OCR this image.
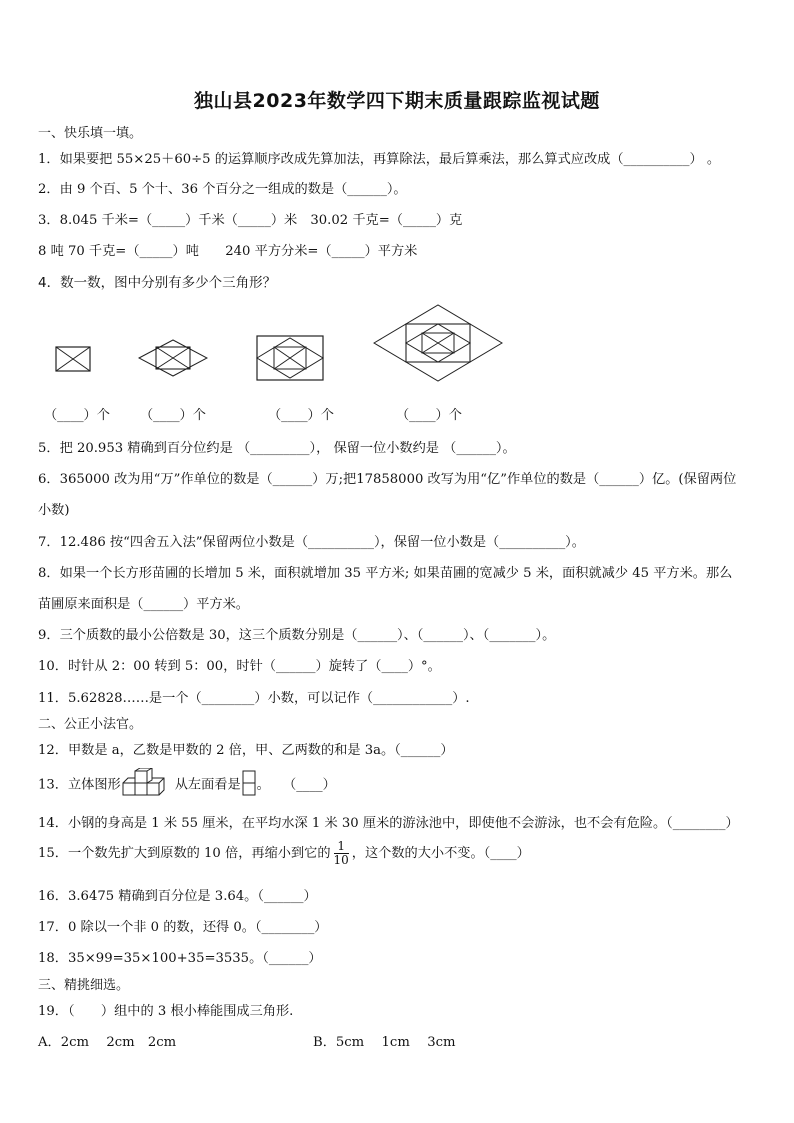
独山县2023年数学四下期末质量跟踪监视试题
一、快乐填一填。
1．如果要把 55×25＋60÷5 的运算顺序改成先算加法，再算除法，最后算乘法，那么算式应改成（__________） 。
2．由 9 个百、5 个十、36 个百分之一组成的数是（______）。
3．8.045 千米=（_____）千米（_____）米　30.02 千克=（_____）克
8 吨 70 千克=（_____）吨　　240 平方分米=（_____）平方米
4．数一数，图中分别有多少个三角形？
（____）个 （____）个	（____）个	（____）个
5．把 20.953 精确到百分位约是 （_________）， 保留一位小数约是 （______）。
6．365000 改为用“万”作单位的数是（______）万;把17858000 改写为用“亿”作单位的数是（______）亿。(保留两位
小数)
7．12.486 按“四舍五入法”保留两位小数是（__________），保留一位小数是（__________）。
8．如果一个长方形苗圃的长增加 5 米，面积就增加 35 平方米; 如果苗圃的宽减少 5 米，面积就减少 45 平方米。那么
苗圃原来面积是（______）平方米。
9．三个质数的最小公倍数是 30，这三个质数分别是（______）、（______）、（_______）。
10．时针从 2：00 转到 5：00，时针（______）旋转了（____）°。
11．5.62828……是一个（________）小数，可以记作（____________）.
二、公正小法官。
12．甲数是 a，乙数是甲数的 2 倍，甲、乙两数的和是 3a。（______）
13．立体图形	从左面看是 。　　（____）
14．小钢的身高是 1 米 55 厘米，在平均水深 1 米 30 厘米的游泳池中，即使他不会游泳，也不会有危险。（________）
15．一个数先扩大到原数的 10 倍，再缩小到它的 $\frac{1}{10}$ ，这个数的大小不变。（____）
16．3.6475 精确到百分位是 3.64。（______）
17．0 除以一个非 0 的数，还得 0。（________）
18．35×99=35×100+35=3535。（______）
三、精挑细选。
19．（　　）组中的 3 根小棒能围成三角形.
A．2cm　 2cm　2cm	B．5cm　 1cm　 3cm
